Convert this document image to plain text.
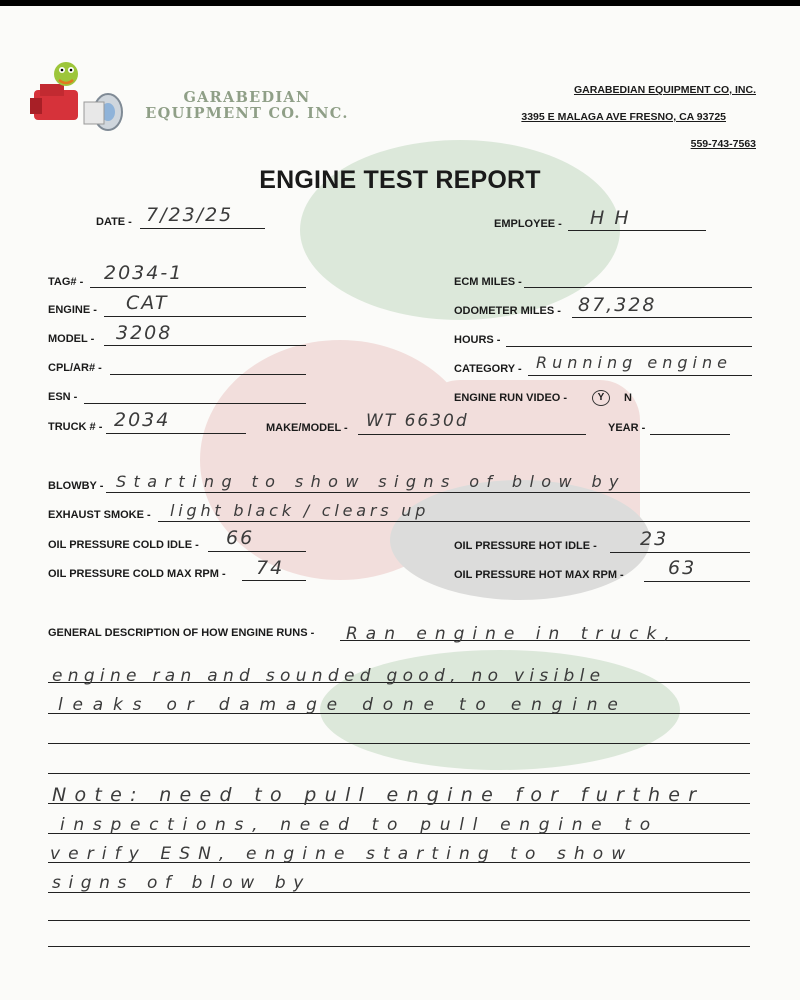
GARABEDIAN EQUIPMENT CO. INC.
GARABEDIAN EQUIPMENT CO, INC.
3395 E MALAGA AVE FRESNO, CA 93725
559-743-7563
ENGINE TEST REPORT
DATE - 7/23/25	EMPLOYEE - H H
TAG# - 2034-1	ECM MILES -
ENGINE - CAT	ODOMETER MILES - 87,328
MODEL - 3208	HOURS -
CPL/AR# -	CATEGORY - Running engine
ESN -	ENGINE RUN VIDEO -	Y	N
TRUCK # - 2034	MAKE/MODEL - WT 6630d	YEAR -
BLOWBY - Starting to show signs of blow by
EXHAUST SMOKE - light black / clears up
OIL PRESSURE COLD IDLE - 66	OIL PRESSURE HOT IDLE - 23
OIL PRESSURE COLD MAX RPM - 74	OIL PRESSURE HOT MAX RPM - 63
GENERAL DESCRIPTION OF HOW ENGINE RUNS - Ran engine in truck,
engine ran and sounded good, no visible
leaks or damage done to engine
Note: need to pull engine for further
inspections, need to pull engine to
verify ESN, engine starting to show
signs of blow by
